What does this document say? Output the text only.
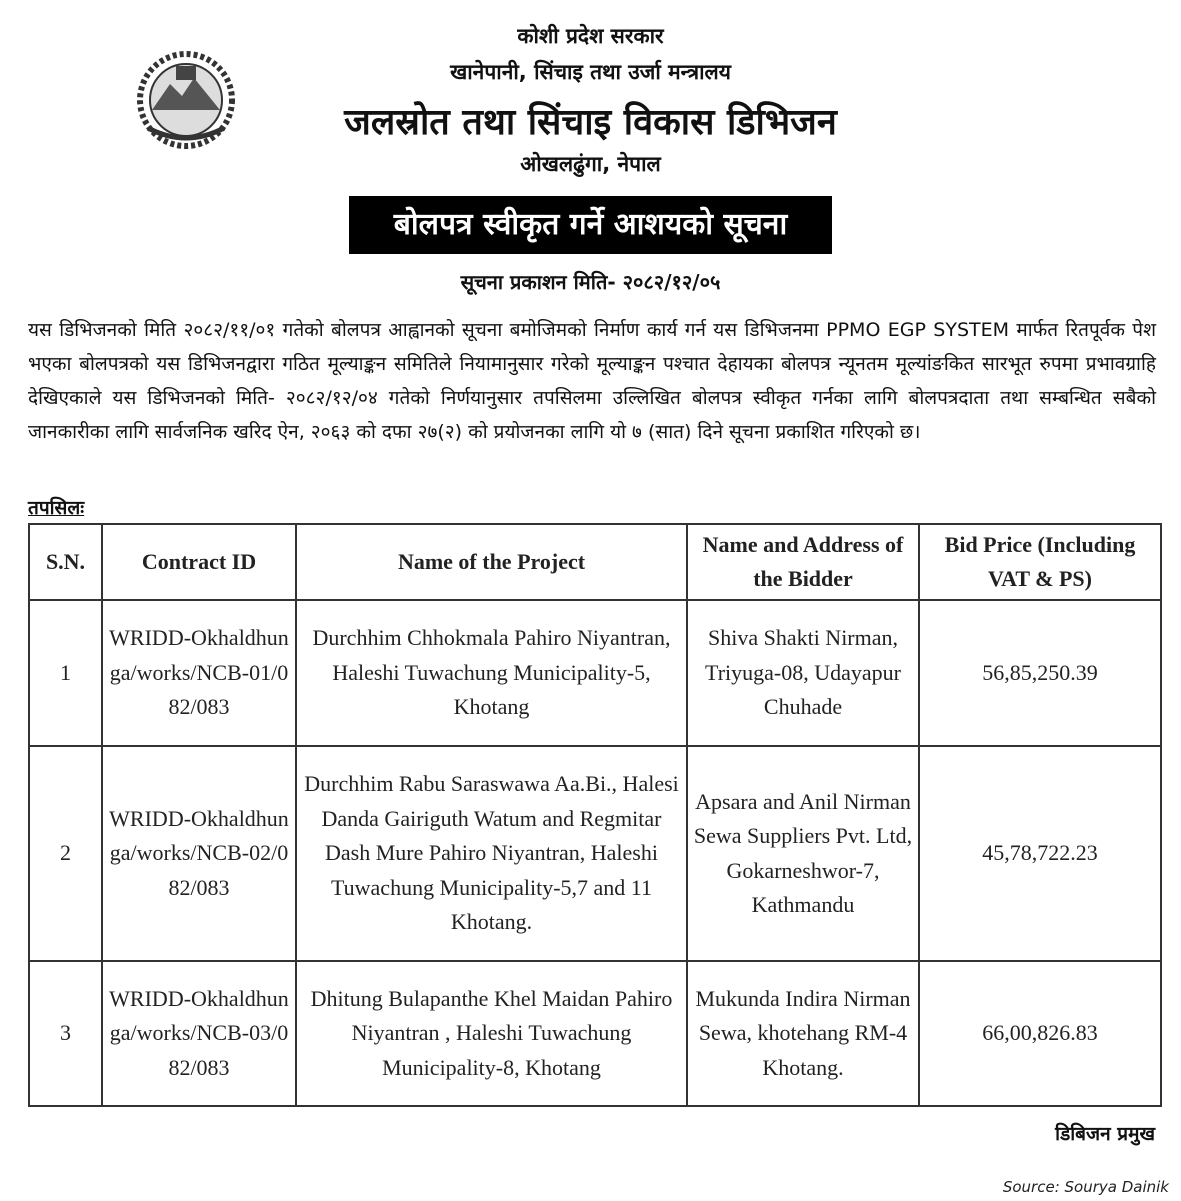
कोशी प्रदेश सरकार
खानेपानी, सिंचाइ तथा उर्जा मन्त्रालय
जलस्रोत तथा सिंचाइ विकास डिभिजन
ओखलढुंगा, नेपाल
बोलपत्र स्वीकृत गर्ने आशयको सूचना
सूचना प्रकाशन मिति- २०८२/१२/०५
यस डिभिजनको मिति २०८२/११/०१ गतेको बोलपत्र आह्वानको सूचना बमोजिमको निर्माण कार्य गर्न यस डिभिजनमा PPMO EGP SYSTEM मार्फत रितपूर्वक पेश भएका बोलपत्रको यस डिभिजनद्वारा गठित मूल्याङ्कन समितिले नियामानुसार गरेको मूल्याङ्कन पश्चात देहायका बोलपत्र न्यूनतम मूल्यांङकित सारभूत रुपमा प्रभावग्राहि देखिएकाले यस डिभिजनको मिति- २०८२/१२/०४ गतेको निर्णयानुसार तपसिलमा उल्लिखित बोलपत्र स्वीकृत गर्नका लागि बोलपत्रदाता तथा सम्बन्धित सबैको जानकारीका लागि सार्वजनिक खरिद ऐन, २०६३ को दफा २७(२) को प्रयोजनका लागि यो ७ (सात) दिने सूचना प्रकाशित गरिएको छ।
तपसिलः
S.N.	Contract ID	Name of the Project	Name and Address of the Bidder	Bid Price (Including VAT & PS)
1	WRIDD-Okhaldhunga/works/NCB-01/082/083	Durchhim Chhokmala Pahiro Niyantran, Haleshi Tuwachung Municipality-5, Khotang	Shiva Shakti Nirman, Triyuga-08, Udayapur Chuhade	56,85,250.39
2	WRIDD-Okhaldhunga/works/NCB-02/082/083	Durchhim Rabu Saraswawa Aa.Bi., Halesi Danda Gairiguth Watum and Regmitar Dash Mure Pahiro Niyantran, Haleshi Tuwachung Municipality-5,7 and 11 Khotang.	Apsara and Anil Nirman Sewa Suppliers Pvt. Ltd, Gokarneshwor-7, Kathmandu	45,78,722.23
3	WRIDD-Okhaldhunga/works/NCB-03/082/083	Dhitung Bulapanthe Khel Maidan Pahiro Niyantran , Haleshi Tuwachung Municipality-8, Khotang	Mukunda Indira Nirman Sewa, khotehang RM-4 Khotang.	66,00,826.83
डिबिजन प्रमुख
Source: Sourya Dainik
